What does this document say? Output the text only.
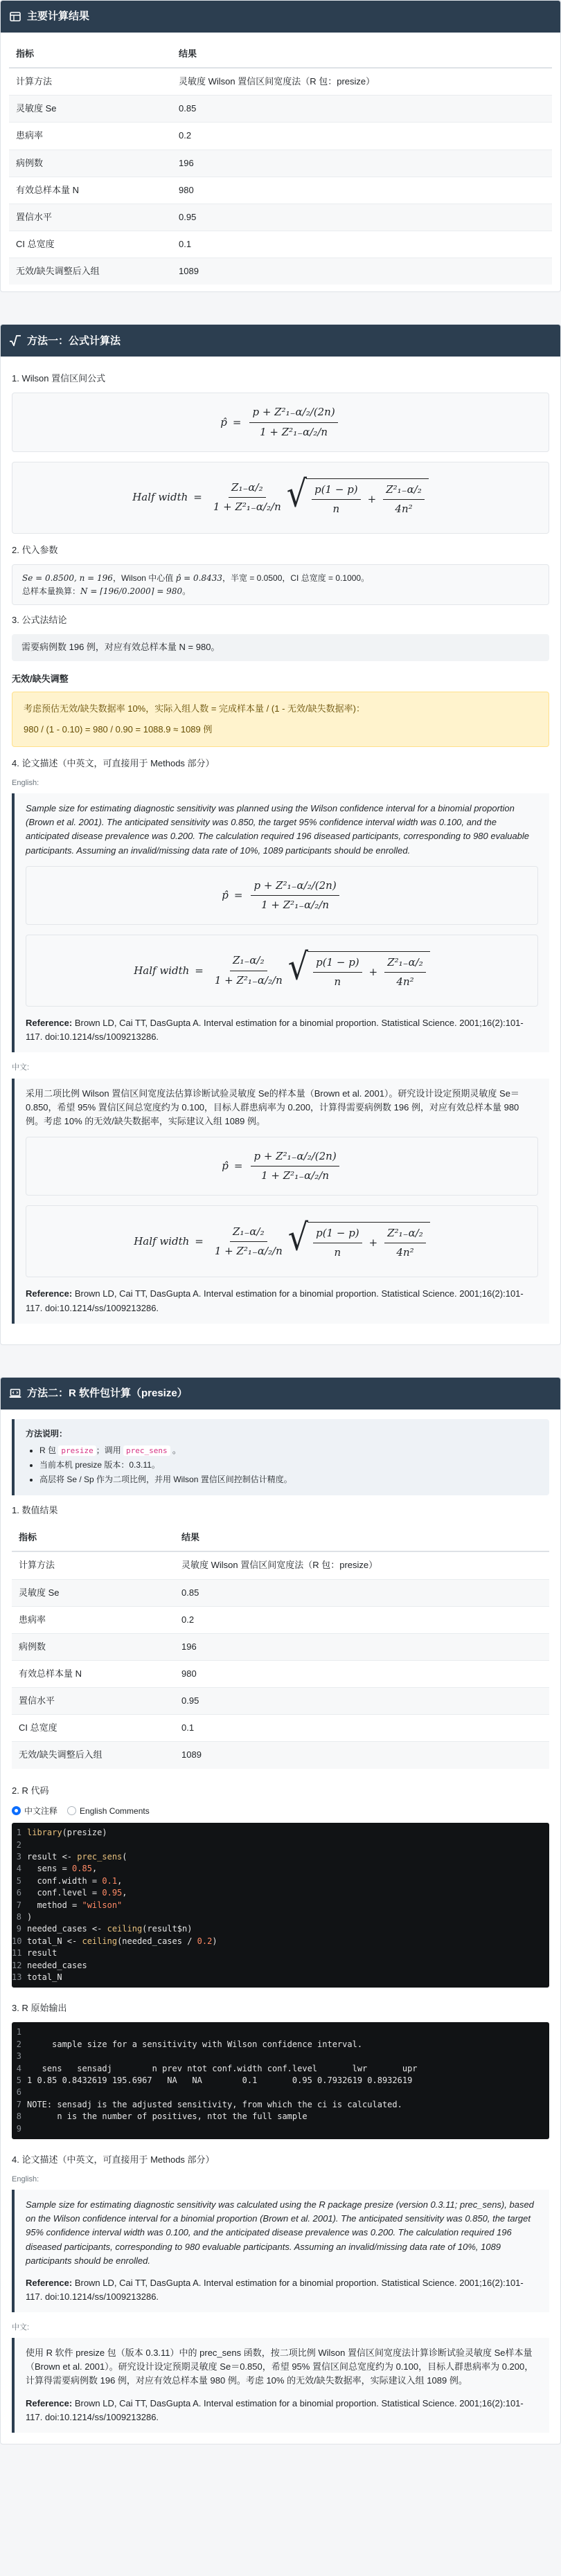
主要计算结果
指标	结果
计算方法	灵敏度 Wilson 置信区间宽度法（R 包：presize）
灵敏度 Se	0.85
患病率	0.2
病例数	196
有效总样本量 N	980
置信水平	0.95
CI 总宽度	0.1
无效/缺失调整后入组	1089
方法一：公式计算法
1. Wilson 置信区间公式
p̂ = $\frac{\text{p + Z²₁₋α/₂/(2n)}}{\text{1 + Z²₁₋α/₂/n}}$
Half width = $\frac{\text{Z₁₋α/₂}}{\text{1 + Z²₁₋α/₂/n}}$ √ $\frac{p(1 - p)}{n} + \frac{\text{Z²₁₋α/₂}}{\text{4n²}}$
2. 代入参数
Se = 0.8500, n = 196，Wilson 中心值 p̂ = 0.8433，半宽 = 0.0500，CI 总宽度 = 0.1000。
总样本量换算：N = ⌈196/0.2000⌉ = 980。
3. 公式法结论
需要病例数 196 例，对应有效总样本量 N = 980。
无效/缺失调整

考虑预估无效/缺失数据率 10%，实际入组人数 = 完成样本量 / (1 - 无效/缺失数据率)：

980 / (1 - 0.10) = 980 / 0.90 = 1088.9 ≈ 1089 例

4. 论文描述（中英文，可直接用于 Methods 部分）
English:

Sample size for estimating diagnostic sensitivity was planned using the Wilson confidence interval for a binomial proportion (Brown et al. 2001). The anticipated sensitivity was 0.850, the target 95% confidence interval width was 0.100, and the anticipated disease prevalence was 0.200. The calculation required 196 diseased participants, corresponding to 980 evaluable participants. Assuming an invalid/missing data rate of 10%, 1089 participants should be enrolled.

p̂ = $\frac{\text{p + Z²₁₋α/₂/(2n)}}{\text{1 + Z²₁₋α/₂/n}}$
Half width = $\frac{\text{Z₁₋α/₂}}{\text{1 + Z²₁₋α/₂/n}}$ √ $\frac{p(1 - p)}{n} + \frac{\text{Z²₁₋α/₂}}{\text{4n²}}$

Reference: Brown LD, Cai TT, DasGupta A. Interval estimation for a binomial proportion. Statistical Science. 2001;16(2):101-117. doi:10.1214/ss/1009213286.

中文:

采用二项比例 Wilson 置信区间宽度法估算诊断试验灵敏度 Se的样本量（Brown et al. 2001）。研究设计设定预期灵敏度 Se＝0.850，希望 95% 置信区间总宽度约为 0.100，目标人群患病率为 0.200，计算得需要病例数 196 例，对应有效总样本量 980 例。考虑 10% 的无效/缺失数据率，实际建议入组 1089 例。

p̂ = $\frac{\text{p + Z²₁₋α/₂/(2n)}}{\text{1 + Z²₁₋α/₂/n}}$
Half width = $\frac{\text{Z₁₋α/₂}}{\text{1 + Z²₁₋α/₂/n}}$ √ $\frac{p(1 - p)}{n} + \frac{\text{Z²₁₋α/₂}}{\text{4n²}}$

Reference: Brown LD, Cai TT, DasGupta A. Interval estimation for a binomial proportion. Statistical Science. 2001;16(2):101-117. doi:10.1214/ss/1009213286.

方法二：R 软件包计算（presize）
方法说明：
• R 包 presize ；调用 prec_sens 。
• 当前本机 presize 版本：0.3.11。
• 高层将 Se / Sp 作为二项比例，并用 Wilson 置信区间控制估计精度。
1. 数值结果
指标	结果
计算方法	灵敏度 Wilson 置信区间宽度法（R 包：presize）
灵敏度 Se	0.85
患病率	0.2
病例数	196
有效总样本量 N	980
置信水平	0.95
CI 总宽度	0.1
无效/缺失调整后入组	1089
2. R 代码
中文注释	English Comments
1 library(presize)
2
3 result <- prec_sens(
4 sens = 0.85,
5 conf.width = 0.1,
6 conf.level = 0.95,
7 method = "wilson"
8 )
9 needed_cases <- ceiling(result$n)
10 total_N <- ceiling(needed_cases / 0.2)
11 result
12 needed_cases
13 total_N
3. R 原始输出
1
2 sample size for a sensitivity with Wilson confidence interval.
3
4 sens   sensadj        n prev ntot conf.width conf.level       lwr       upr
5 1 0.85 0.8432619 195.6967   NA   NA        0.1       0.95 0.7932619 0.8932619
6
7 NOTE: sensadj is the adjusted sensitivity, from which the ci is calculated.
8 n is the number of positives, ntot the full sample
9
4. 论文描述（中英文，可直接用于 Methods 部分）
English:

Sample size for estimating diagnostic sensitivity was calculated using the R package presize (version 0.3.11; prec_sens), based on the Wilson confidence interval for a binomial proportion (Brown et al. 2001). The anticipated sensitivity was 0.850, the target 95% confidence interval width was 0.100, and the anticipated disease prevalence was 0.200. The calculation required 196 diseased participants, corresponding to 980 evaluable participants. Assuming an invalid/missing data rate of 10%, 1089 participants should be enrolled.

Reference: Brown LD, Cai TT, DasGupta A. Interval estimation for a binomial proportion. Statistical Science. 2001;16(2):101-117. doi:10.1214/ss/1009213286.

中文:

使用 R 软件 presize 包（版本 0.3.11）中的 prec_sens 函数，按二项比例 Wilson 置信区间宽度法计算诊断试验灵敏度 Se样本量（Brown et al. 2001）。研究设计设定预期灵敏度 Se＝0.850，希望 95% 置信区间总宽度约为 0.100，目标人群患病率为 0.200，计算得需要病例数 196 例，对应有效总样本量 980 例。考虑 10% 的无效/缺失数据率，实际建议入组 1089 例。

Reference: Brown LD, Cai TT, DasGupta A. Interval estimation for a binomial proportion. Statistical Science. 2001;16(2):101-117. doi:10.1214/ss/1009213286.
